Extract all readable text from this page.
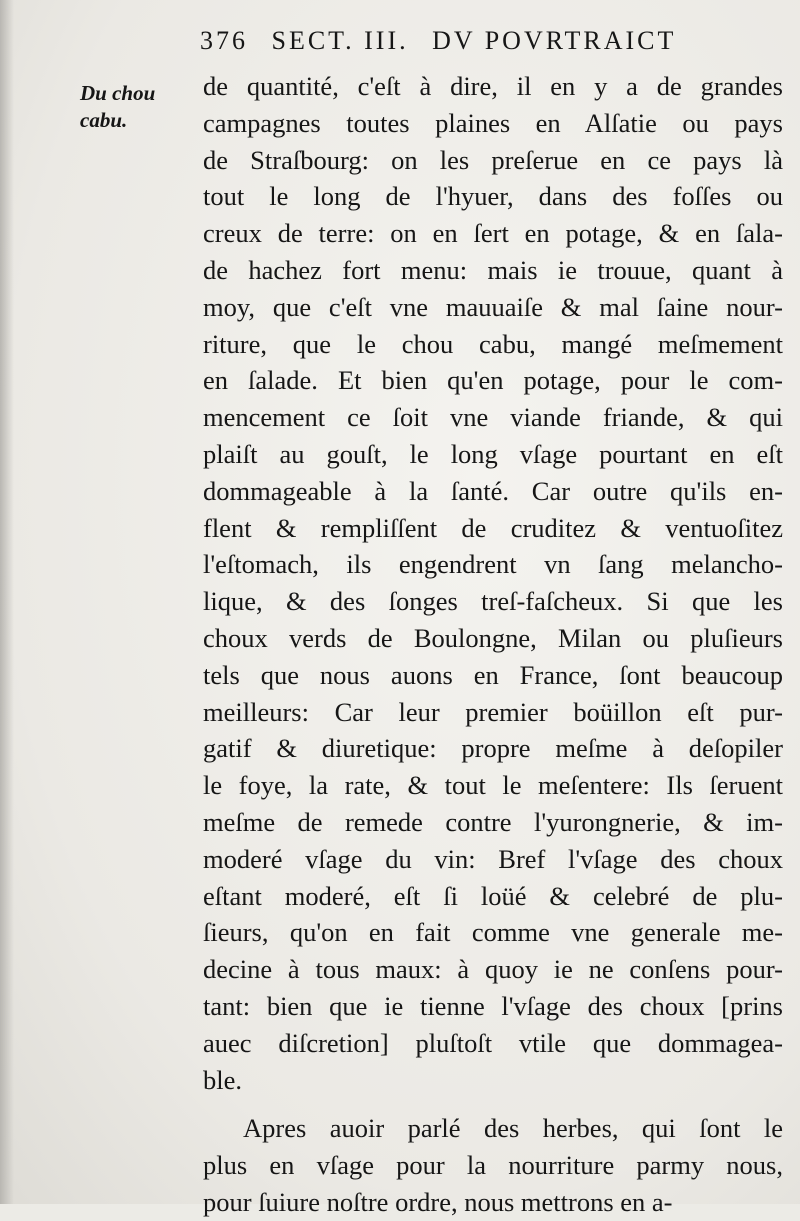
376 SECT. III. DV POVRTRAICT
Du chou
cabu.
de quantité, c'eſt à dire, il en y a de grandes
campagnes toutes plaines en Alſatie ou pays
de Straſbourg: on les preſerue en ce pays là
tout le long de l'hyuer, dans des foſſes ou
creux de terre: on en ſert en potage, & en ſala-
de hachez fort menu: mais ie trouue, quant à
moy, que c'eſt vne mauuaiſe & mal ſaine nour-
riture, que le chou cabu, mangé meſmement
en ſalade. Et bien qu'en potage, pour le com-
mencement ce ſoit vne viande friande, & qui
plaiſt au gouſt, le long vſage pourtant en eſt
dommageable à la ſanté. Car outre qu'ils en-
flent & rempliſſent de cruditez & ventuoſitez
l'eſtomach, ils engendrent vn ſang melancho-
lique, & des ſonges treſ-faſcheux. Si que les
choux verds de Boulongne, Milan ou pluſieurs
tels que nous auons en France, ſont beaucoup
meilleurs: Car leur premier boüillon eſt pur-
gatif & diuretique: propre meſme à deſopiler
le foye, la rate, & tout le meſentere: Ils ſeruent
meſme de remede contre l'yurongnerie, & im-
moderé vſage du vin: Bref l'vſage des choux
eſtant moderé, eſt ſi loüé & celebré de plu-
ſieurs, qu'on en fait comme vne generale me-
decine à tous maux: à quoy ie ne conſens pour-
tant: bien que ie tienne l'vſage des choux [prins
auec diſcretion] pluſtoſt vtile que dommagea-
ble.
Apres auoir parlé des herbes, qui ſont le
plus en vſage pour la nourriture parmy nous,
pour ſuiure noſtre ordre, nous mettrons en a-
